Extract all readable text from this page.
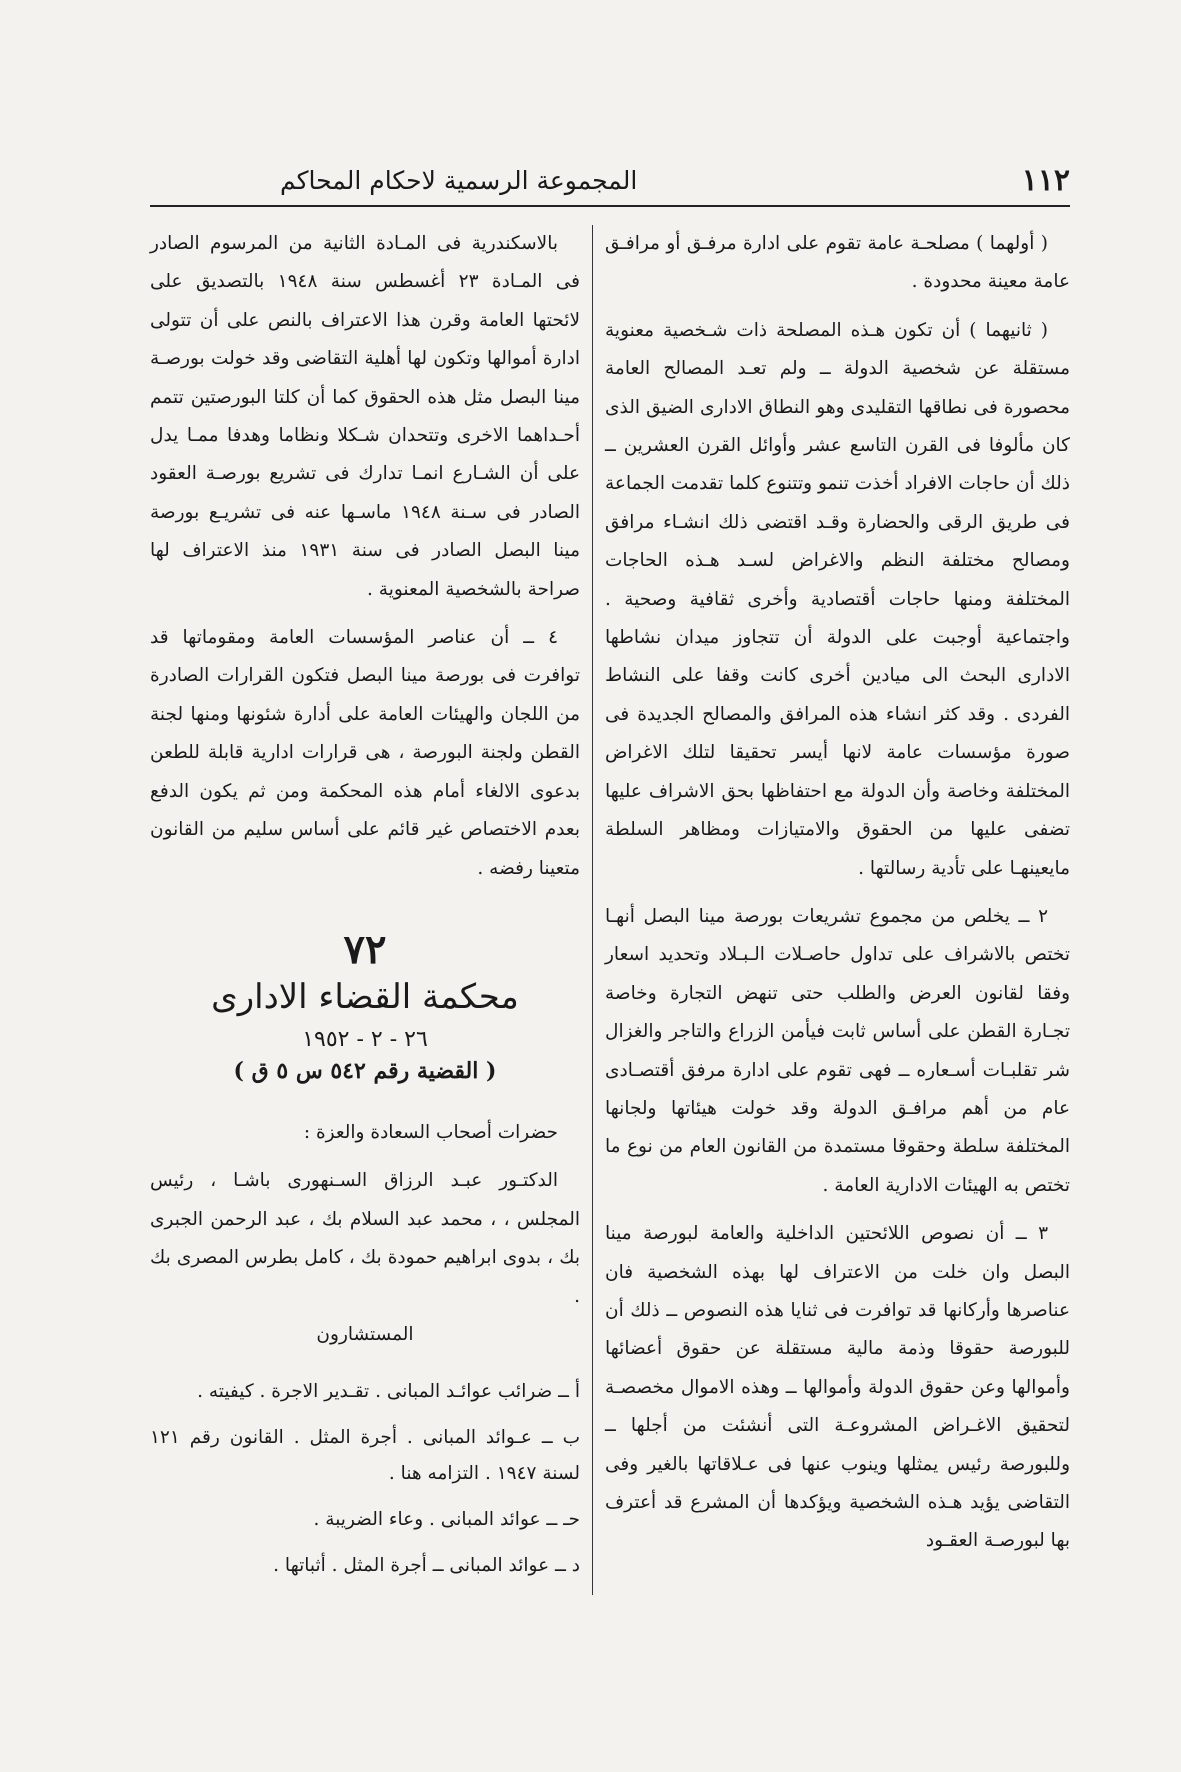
١١٢
المجموعة الرسمية لاحكام المحاكم

( أولهما ) مصلحـة عامة تقوم على ادارة مرفـق أو مرافـق عامة معينة محدودة .

( ثانيهما ) أن تكون هـذه المصلحة ذات شـخصية معنوية مستقلة عن شخصية الدولة ــ ولم تعـد المصالح العامة محصورة فى نطاقها التقليدى وهو النطاق الادارى الضيق الذى كان مألوفا فى القرن التاسع عشر وأوائل القرن العشرين ــ ذلك أن حاجات الافراد أخذت تنمو وتتنوع كلما تقدمت الجماعة فى طريق الرقى والحضارة وقـد اقتضى ذلك انشـاء مرافق ومصالح مختلفة النظم والاغراض لسـد هـذه الحاجات المختلفة ومنها حاجات أقتصادية وأخرى ثقافية وصحية . واجتماعية أوجبت على الدولة أن تتجاوز ميدان نشاطها الادارى البحث الى ميادين أخرى كانت وقفا على النشاط الفردى . وقد كثر انشاء هذه المرافق والمصالح الجديدة فى صورة مؤسسات عامة لانها أيسر تحقيقا لتلك الاغراض المختلفة وخاصة وأن الدولة مع احتفاظها بحق الاشراف عليها تضفى عليها من الحقوق والامتيازات ومظاهر السلطة مايعينهـا على تأدية رسالتها .

٢ ــ يخلص من مجموع تشريعات بورصة مينا البصل أنهـا تختص بالاشراف على تداول حاصـلات الـبـلاد وتحديد اسعار وفقا لقانون العرض والطلب حتى تنهض التجارة وخاصة تجـارة القطن على أساس ثابت فيأمن الزراع والتاجر والغزال شر تقلبـات أسـعاره ــ فهى تقوم على ادارة مرفق أقتصـادى عام من أهم مرافـق الدولة وقد خولت هيئاتها ولجانها المختلفة سلطة وحقوقا مستمدة من القانون العام من نوع ما تختص به الهيئات الادارية العامة .

٣ ــ أن نصوص اللائحتين الداخلية والعامة لبورصة مينا البصل وان خلت من الاعتراف لها بهذه الشخصية فان عناصرها وأركانها قد توافرت فى ثنايا هذه النصوص ــ ذلك أن للبورصة حقوقا وذمة مالية مستقلة عن حقوق أعضائها وأموالها وعن حقوق الدولة وأموالها ــ وهذه الاموال مخصصـة لتحقيق الاغـراض المشروعـة التى أنشئت من أجلها ــ وللبورصة رئيس يمثلها وينوب عنها فى عـلاقاتها بالغير وفى التقاضى يؤيد هـذه الشخصية ويؤكدها أن المشرع قد أعترف بها لبورصـة العقـود

بالاسكندرية فى المـادة الثانية من المرسوم الصادر فى المـادة ٢٣ أغسطس سنة ١٩٤٨ بالتصديق على لائحتها العامة وقرن هذا الاعتراف بالنص على أن تتولى ادارة أموالها وتكون لها أهلية التقاضى وقد خولت بورصـة مينا البصل مثل هذه الحقوق كما أن كلتا البورصتين تتمم أحـداهما الاخرى وتتحدان شـكلا ونظاما وهدفا ممـا يدل على أن الشـارع انمـا تدارك فى تشريع بورصـة العقود الصادر فى سـنة ١٩٤٨ ماسـها عنه فى تشريـع بورصة مينا البصل الصادر فى سنة ١٩٣١ منذ الاعتراف لها صراحة بالشخصية المعنوية .

٤ ــ أن عناصر المؤسسات العامة ومقوماتها قد توافرت فى بورصة مينا البصل فتكون القرارات الصادرة من اللجان والهيئات العامة على أدارة شئونها ومنها لجنة القطن ولجنة البورصة ، هى قرارات ادارية قابلة للطعن بدعوى الالغاء أمام هذه المحكمة ومن ثم يكون الدفع بعدم الاختصاص غير قائم على أساس سليم من القانون متعينا رفضه .

٧٢
محكمة القضاء الادارى
٢٦ - ٢ - ١٩٥٢
( القضية رقم ٥٤٢ س ٥ ق )

حضرات أصحاب السعادة والعزة :

الدكتـور عبـد الرزاق السـنهورى باشـا ، رئيس المجلس ، ، محمد عبد السلام بك ، عبد الرحمن الجبرى بك ، بدوى ابراهيم حمودة بك ، كامل بطرس المصرى بك .

المستشارون

أ ــ ضرائب عوائـد المبانى . تقـدير الاجرة . كيفيته .

ب ــ عـوائد المبانى . أجرة المثل . القانون رقم ١٢١ لسنة ١٩٤٧ . التزامه هنا .

حـ ــ عوائد المبانى . وعاء الضريبة .

د ــ عوائد المبانى ــ أجرة المثل . أثباتها .
